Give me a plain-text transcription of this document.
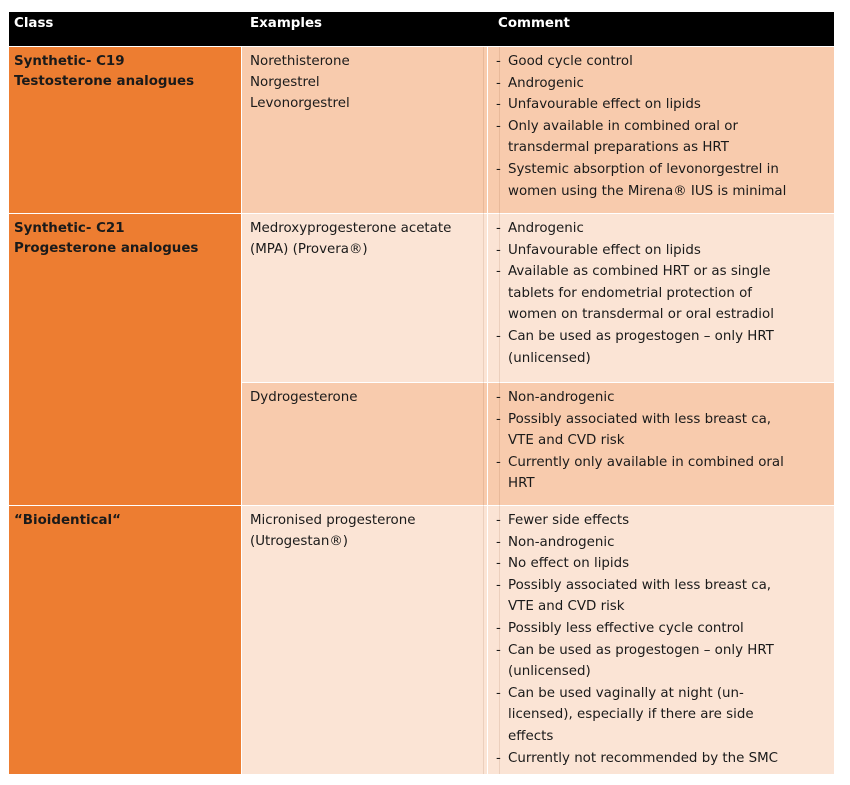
Class	Examples	Comment
Synthetic- C19
Testosterone analogues
Norethisterone
Norgestrel
Levonorgestrel
- Good cycle control
- Androgenic
- Unfavourable effect on lipids
- Only available in combined oral or
transdermal preparations as HRT
- Systemic absorption of levonorgestrel in
women using the Mirena® IUS is minimal
Synthetic- C21
Progesterone analogues
Medroxyprogesterone acetate
(MPA) (Provera®)
- Androgenic
- Unfavourable effect on lipids
- Available as combined HRT or as single
tablets for endometrial protection of
women on transdermal or oral estradiol
- Can be used as progestogen – only HRT
(unlicensed)
Dydrogesterone
-	Non-androgenic
- Possibly associated with less breast ca,
VTE and CVD risk
- Currently only available in combined oral
HRT
“Bioidentical“	Micronised progesterone
(Utrogestan®)
- Fewer side effects
- Non-androgenic
- No effect on lipids
- Possibly associated with less breast ca,
VTE and CVD risk
- Possibly less effective cycle control
- Can be used as progestogen – only HRT
(unlicensed)
- Can be used vaginally at night (un-
licensed), especially if there are side
effects
- Currently not recommended by the SMC
